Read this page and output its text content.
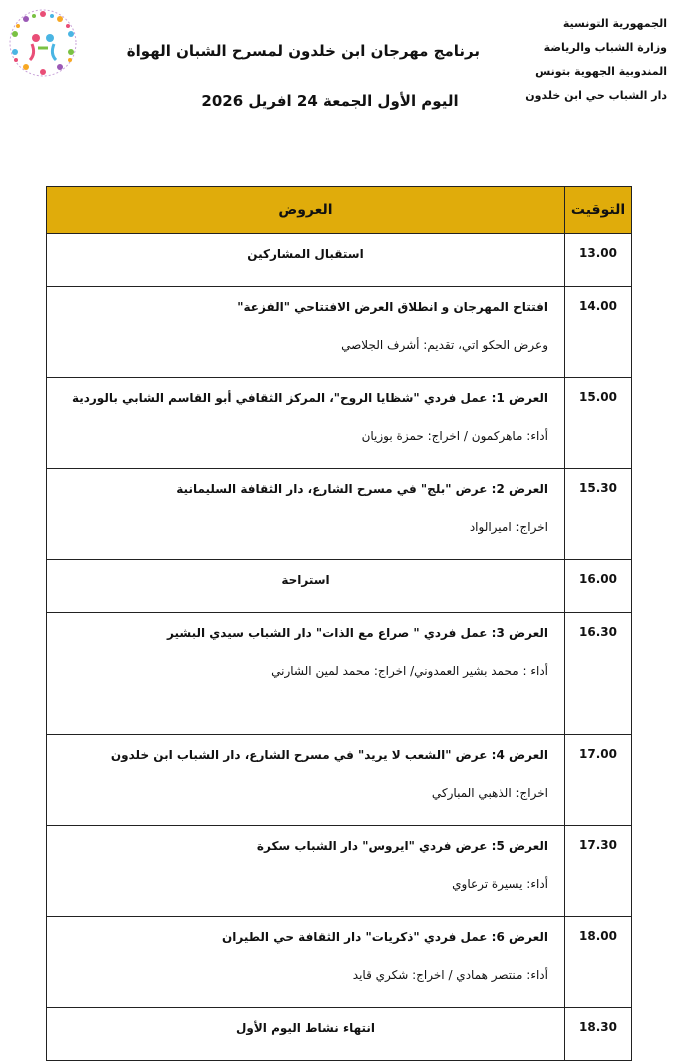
الجمهورية التونسية
وزارة الشباب والرياضة
المندوبية الجهوية بتونس
دار الشباب حي ابن خلدون
برنامج مهرجان ابن خلدون لمسرح الشبان الهواة
اليوم الأول الجمعة 24 افريل 2026
التوقيت	العروض
13.00	استقبال المشاركين

14.00	افتتاح المهرجان و انطلاق العرض الافتتاحي "الفزعة"
وعرض الحكو اتي، تقديم: أشرف الجلاصي

15.00	العرض 1: عمل فردي "شظايا الروح"، المركز الثقافي أبو القاسم الشابي بالوردية
أداء: ماهركمون / اخراج: حمزة بوزيان

15.30	العرض 2: عرض "بلج" في مسرح الشارع، دار الثقافة السليمانية
اخراج: اميرالواد

16.00	استراحة

16.30	العرض 3: عمل فردي " صراع مع الذات" دار الشباب سيدي البشير
أداء : محمد بشير العمدوني/ اخراج: محمد لمين الشارني

17.00	العرض 4: عرض "الشعب لا يريد" في مسرح الشارع، دار الشباب ابن خلدون
اخراج: الذهبي المباركي

17.30	العرض 5: عرض فردي "ايروس" دار الشباب سكرة
أداء: يسيرة ترعاوي

18.00	العرض 6: عمل فردي "ذكريات" دار الثقافة حي الطيران
أداء: منتصر همادي / اخراج: شكري قايد

18.30	انتهاء نشاط اليوم الأول
